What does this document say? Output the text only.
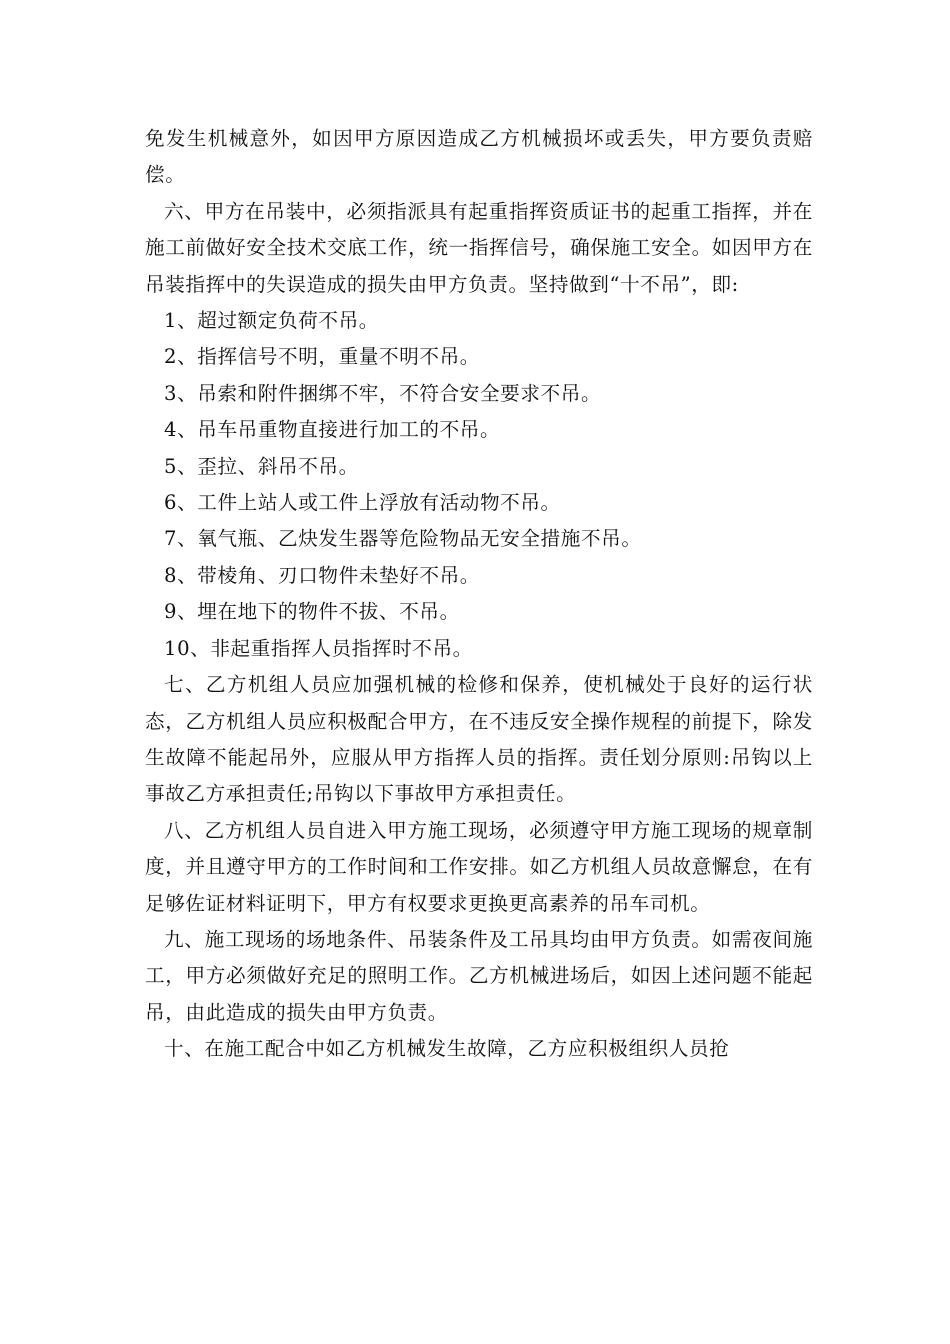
免发生机械意外，如因甲方原因造成乙方机械损坏或丢失，甲方要负责赔偿。

六、甲方在吊装中，必须指派具有起重指挥资质证书的起重工指挥，并在施工前做好安全技术交底工作，统一指挥信号，确保施工安全。如因甲方在吊装指挥中的失误造成的损失由甲方负责。坚持做到“十不吊”，即:

1、超过额定负荷不吊。

2、指挥信号不明，重量不明不吊。

3、吊索和附件捆绑不牢，不符合安全要求不吊。

4、吊车吊重物直接进行加工的不吊。

5、歪拉、斜吊不吊。

6、工件上站人或工件上浮放有活动物不吊。

7、氧气瓶、乙炔发生器等危险物品无安全措施不吊。

8、带棱角、刃口物件未垫好不吊。

9、埋在地下的物件不拔、不吊。

10、非起重指挥人员指挥时不吊。

七、乙方机组人员应加强机械的检修和保养，使机械处于良好的运行状态，乙方机组人员应积极配合甲方，在不违反安全操作规程的前提下，除发生故障不能起吊外，应服从甲方指挥人员的指挥。责任划分原则:吊钩以上事故乙方承担责任;吊钩以下事故甲方承担责任。

八、乙方机组人员自进入甲方施工现场，必须遵守甲方施工现场的规章制度，并且遵守甲方的工作时间和工作安排。如乙方机组人员故意懈怠，在有足够佐证材料证明下，甲方有权要求更换更高素养的吊车司机。

九、施工现场的场地条件、吊装条件及工吊具均由甲方负责。如需夜间施工，甲方必须做好充足的照明工作。乙方机械进场后，如因上述问题不能起吊，由此造成的损失由甲方负责。

十、在施工配合中如乙方机械发生故障，乙方应积极组织人员抢
